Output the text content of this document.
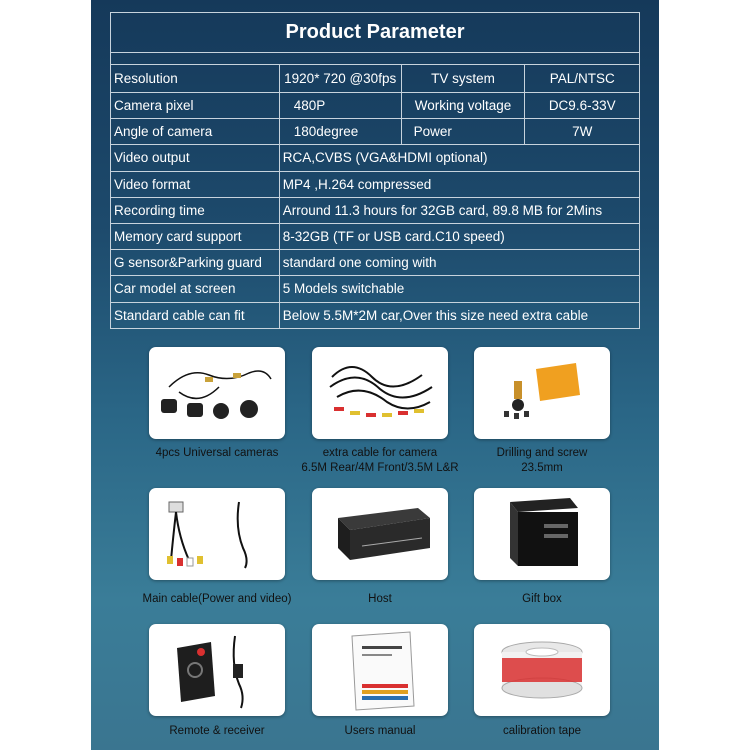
Product Parameter			

Resolution	1920* 720 @30fps	TV system	PAL/NTSC
Camera pixel	480P	Working voltage	DC9.6-33V
Angle of camera	180degree	Power	7W
Video output	RCA,CVBS (VGA&HDMI optional)		
Video format	MP4 ,H.264 compressed		
Recording time	Arround 11.3 hours for 32GB card, 89.8 MB for 2Mins		
Memory card support	8-32GB (TF or USB card.C10 speed)		
G sensor&Parking guard	standard one coming with		
Car model at screen	5 Models switchable		
Standard cable can fit	Below 5.5M*2M car,Over this size need extra cable		
4pcs Universal cameras	extra cable for camera
6.5M Rear/4M Front/3.5M L&R
Drilling and screw
23.5mm
Main cable(Power and video)	Host	Gift box
Remote & receiver	Users manual	calibration tape
